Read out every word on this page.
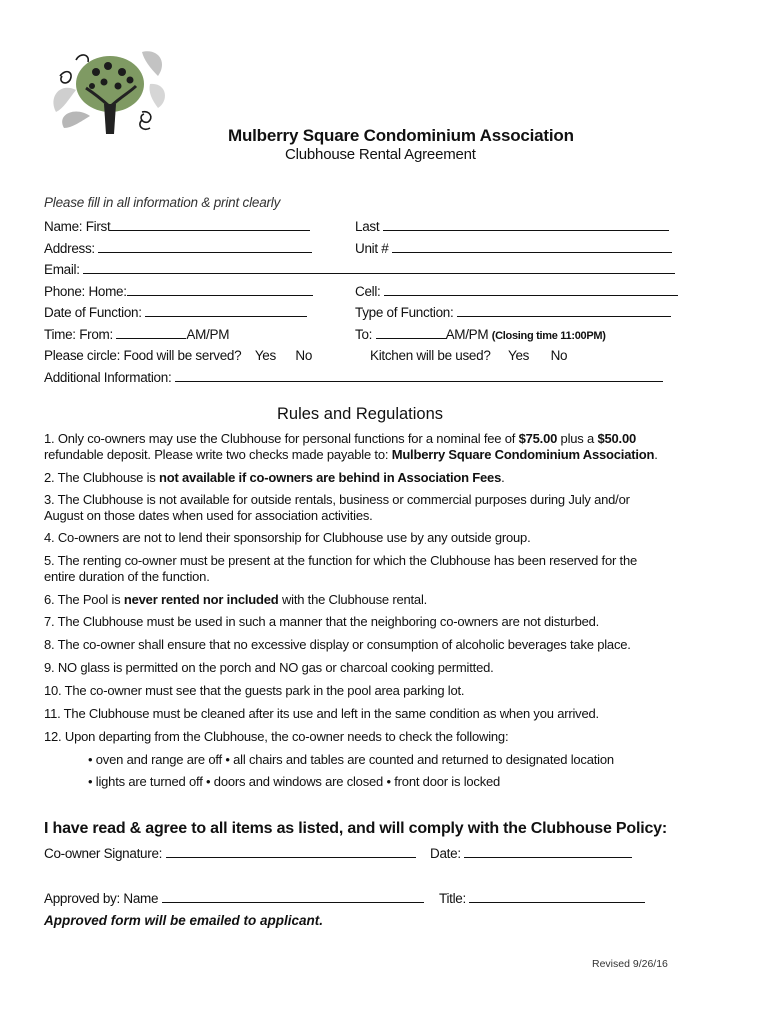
Mulberry Square Condominium Association
Clubhouse Rental Agreement
Please fill in all information & print clearly
Name: First	Last
Address:	Unit #
Email:
Phone: Home:	Cell:
Date of Function:	Type of Function:
Time: From:	AM/PM	To:	AM/PM (Closing time 11:00PM)
Please circle: Food will be served? Yes No	Kitchen will be used? Yes No
Additional Information:
Rules and Regulations
1. Only co-owners may use the Clubhouse for personal functions for a nominal fee of $75.00 plus a $50.00
refundable deposit. Please write two checks made payable to: Mulberry Square Condominium Association.
2. The Clubhouse is not available if co-owners are behind in Association Fees.
3. The Clubhouse is not available for outside rentals, business or commercial purposes during July and/or
August on those dates when used for association activities.
4. Co-owners are not to lend their sponsorship for Clubhouse use by any outside group.
5. The renting co-owner must be present at the function for which the Clubhouse has been reserved for the
entire duration of the function.
6. The Pool is never rented nor included with the Clubhouse rental.
7. The Clubhouse must be used in such a manner that the neighboring co-owners are not disturbed.
8. The co-owner shall ensure that no excessive display or consumption of alcoholic beverages take place.
9. NO glass is permitted on the porch and NO gas or charcoal cooking permitted.
10. The co-owner must see that the guests park in the pool area parking lot.
11. The Clubhouse must be cleaned after its use and left in the same condition as when you arrived.
12. Upon departing from the Clubhouse, the co-owner needs to check the following:
• oven and range are off • all chairs and tables are counted and returned to designated location
• lights are turned off • doors and windows are closed • front door is locked
I have read & agree to all items as listed, and will comply with the Clubhouse Policy:
Co-owner Signature:	Date:
Approved by: Name	Title:
Approved form will be emailed to applicant.
Revised 9/26/16
